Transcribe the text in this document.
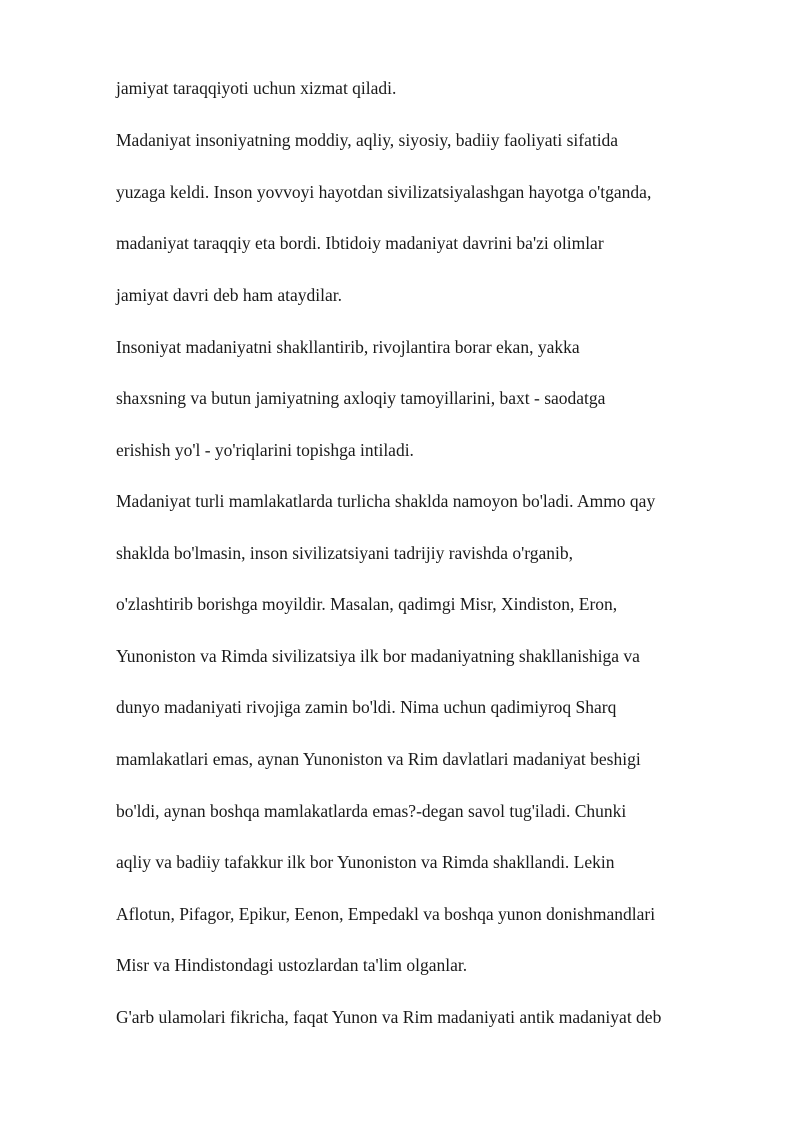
jamiyat taraqqiyoti uchun xizmat qiladi.
Madaniyat insoniyatning moddiy, aqliy, siyosiy, badiiy faoliyati sifatida
yuzaga keldi. Inson yovvoyi hayotdan sivilizatsiyalashgan hayotga o'tganda,
madaniyat taraqqiy eta bordi. Ibtidoiy madaniyat davrini ba'zi olimlar
jamiyat davri deb ham ataydilar.
Insoniyat madaniyatni shakllantirib, rivojlantira borar ekan, yakka
shaxsning va butun jamiyatning axloqiy tamoyillarini, baxt - saodatga
erishish yo'l - yo'riqlarini topishga intiladi.
Madaniyat turli mamlakatlarda turlicha shaklda namoyon bo'ladi. Ammo qay
shaklda bo'lmasin, inson sivilizatsiyani tadrijiy ravishda o'rganib,
o'zlashtirib borishga moyildir. Masalan, qadimgi Misr, Xindiston, Eron,
Yunoniston va Rimda sivilizatsiya ilk bor madaniyatning shakllanishiga va
dunyo madaniyati rivojiga zamin bo'ldi. Nima uchun qadimiyroq Sharq
mamlakatlari emas, aynan Yunoniston va Rim davlatlari madaniyat beshigi
bo'ldi, aynan boshqa mamlakatlarda emas?-degan savol tug'iladi. Chunki
aqliy va badiiy tafakkur ilk bor Yunoniston va Rimda shakllandi. Lekin
Aflotun, Pifagor, Epikur, Eenon, Empedakl va boshqa yunon donishmandlari
Misr va Hindistondagi ustozlardan ta'lim olganlar.
G'arb ulamolari fikricha, faqat Yunon va Rim madaniyati antik madaniyat deb
